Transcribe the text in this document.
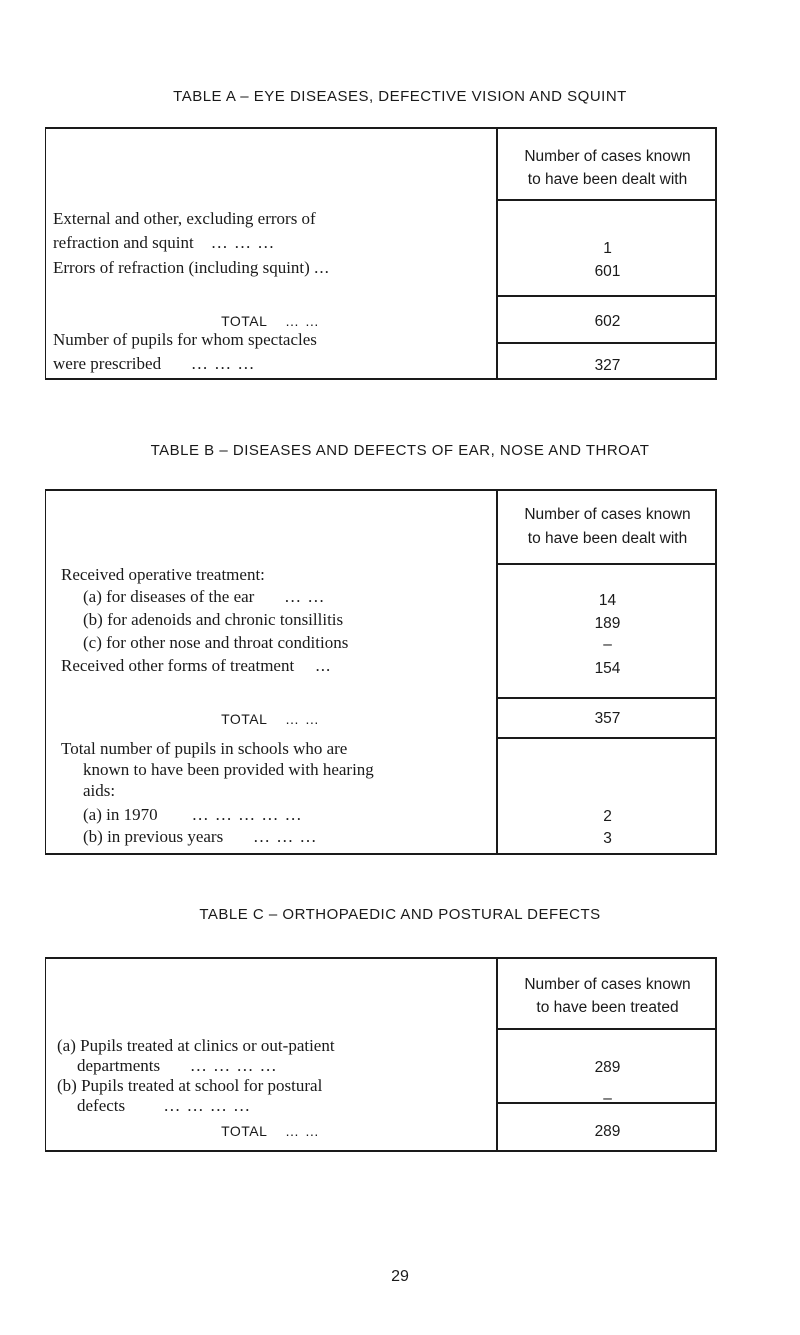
TABLE A – EYE DISEASES, DEFECTIVE VISION AND SQUINT
Number of cases known
to have been dealt with
External and other, excluding errors of
refraction and squint … … …	1
Errors of refraction (including squint) ...	601
TOTAL … …	602
Number of pupils for whom spectacles
were prescribed … … …	327
TABLE B – DISEASES AND DEFECTS OF EAR, NOSE AND THROAT
Number of cases known
to have been dealt with
Received operative treatment:
(a) for diseases of the ear … …	14
(b) for adenoids and chronic tonsillitis	189
(c) for other nose and throat conditions	–
Received other forms of treatment ...	154
TOTAL … …	357
Total number of pupils in schools who are
known to have been provided with hearing
aids:
(a) in 1970 … … … … …	2
(b) in previous years … … …	3
TABLE C – ORTHOPAEDIC AND POSTURAL DEFECTS
Number of cases known
to have been treated
(a) Pupils treated at clinics or out-patient
departments … … … …	289
(b) Pupils treated at school for postural
defects … … … …	–
TOTAL … …	289
29
